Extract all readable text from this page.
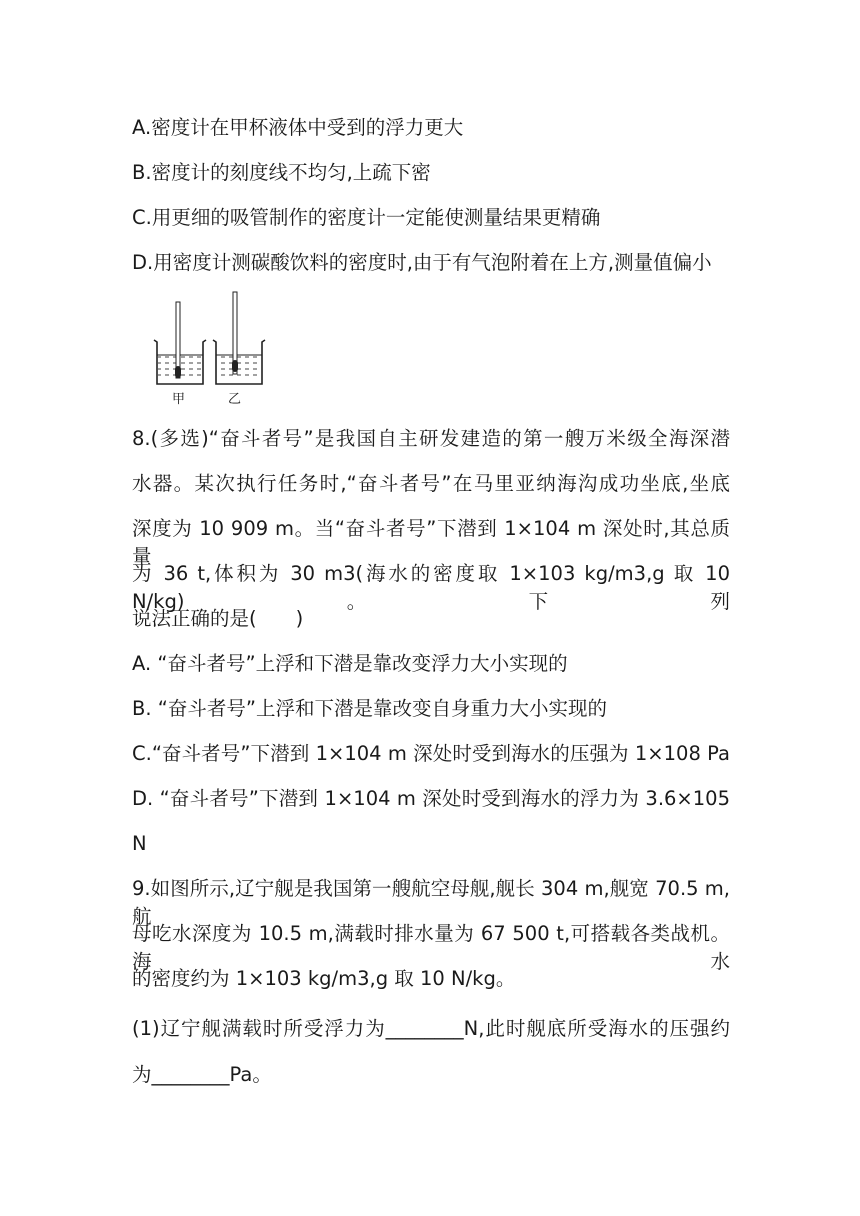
A.密度计在甲杯液体中受到的浮力更大
B.密度计的刻度线不均匀,上疏下密
C.用更细的吸管制作的密度计一定能使测量结果更精确
D.用密度计测碳酸饮料的密度时,由于有气泡附着在上方,测量值偏小
甲	乙
8.(多选)“奋斗者号”是我国自主研发建造的第一艘万米级全海深潜
水器。某次执行任务时,“奋斗者号”在马里亚纳海沟成功坐底,坐底
深度为 10 909 m。当“奋斗者号”下潜到 1×104 m 深处时,其总质量
为 36 t,体积为 30 m3(海水的密度取 1×103 kg/m3,g 取 10 N/kg)。下列
说法正确的是(　　)
A. “奋斗者号”上浮和下潜是靠改变浮力大小实现的
B. “奋斗者号”上浮和下潜是靠改变自身重力大小实现的
C.“奋斗者号”下潜到 1×104 m 深处时受到海水的压强为 1×108 Pa
D. “奋斗者号”下潜到 1×104 m 深处时受到海水的浮力为 3.6×105
N
9.如图所示,辽宁舰是我国第一艘航空母舰,舰长 304 m,舰宽 70.5 m,航
母吃水深度为 10.5 m,满载时排水量为 67 500 t,可搭载各类战机。海水
的密度约为 1×103 kg/m3,g 取 10 N/kg。
(1)辽宁舰满载时所受浮力为________N,此时舰底所受海水的压强约
为________Pa。
